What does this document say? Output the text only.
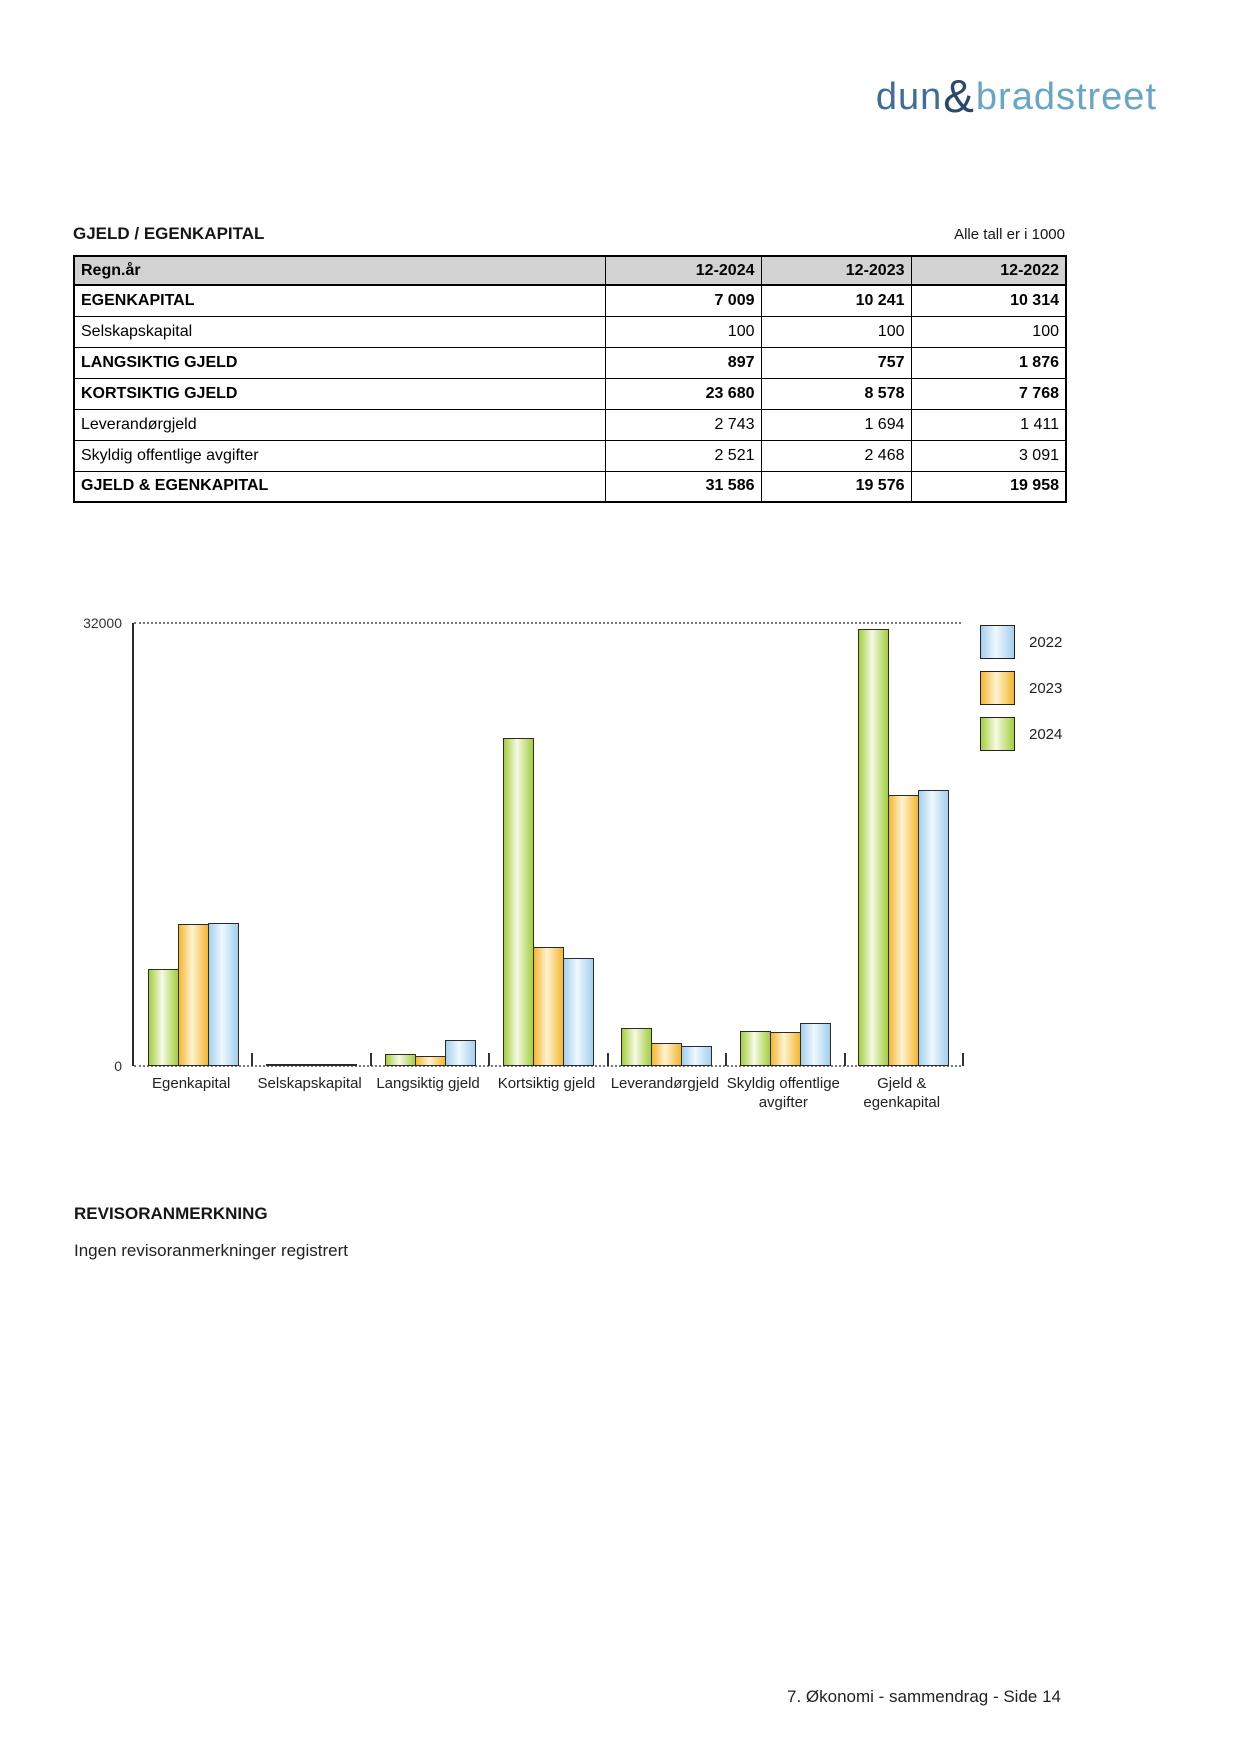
dun&bradstreet
GJELD / EGENKAPITAL	Alle tall er i 1000
Regn.år	12-2024	12-2023	12-2022
EGENKAPITAL	7 009	10 241	10 314
Selskapskapital	100	100	100
LANGSIKTIG GJELD	897	757	1 876
KORTSIKTIG GJELD	23 680	8 578	7 768
Leverandørgjeld	2 743	1 694	1 411
Skyldig offentlige avgifter	2 521	2 468	3 091
GJELD & EGENKAPITAL	31 586	19 576	19 958
32000
0
Egenkapital	Selskapskapital Langsiktig gjeld	Kortsiktig gjeld	Leverandørgjeld Skyldig offentlige avgifter
Gjeld & egenkapital
2022
2023
2024
REVISORANMERKNING
Ingen revisoranmerkninger registrert
7. Økonomi - sammendrag - Side 14
